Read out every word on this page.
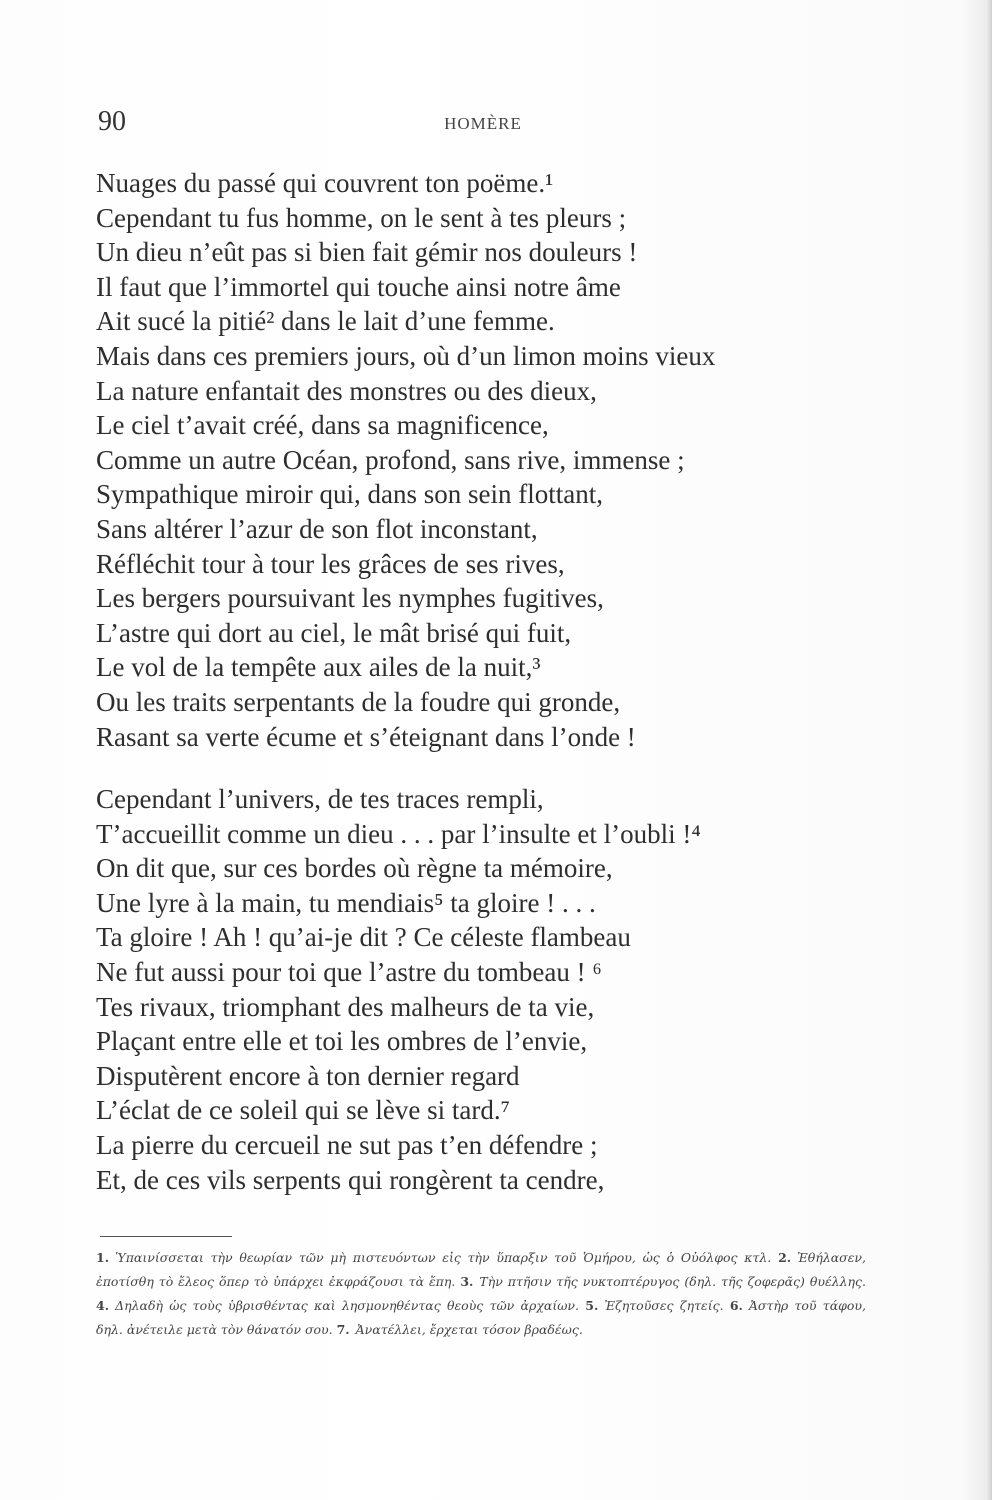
90	HOMÈRE
Nuages du passé qui couvrent ton poëme.¹
Cependant tu fus homme, on le sent à tes pleurs ;
Un dieu n’eût pas si bien fait gémir nos douleurs !
Il faut que l’immortel qui touche ainsi notre âme
Ait sucé la pitié² dans le lait d’une femme.
Mais dans ces premiers jours, où d’un limon moins vieux
La nature enfantait des monstres ou des dieux,
Le ciel t’avait créé, dans sa magnificence,
Comme un autre Océan, profond, sans rive, immense ;
Sympathique miroir qui, dans son sein flottant,
Sans altérer l’azur de son flot inconstant,
Réfléchit tour à tour les grâces de ses rives,
Les bergers poursuivant les nymphes fugitives,
L’astre qui dort au ciel, le mât brisé qui fuit,
Le vol de la tempête aux ailes de la nuit,³
Ou les traits serpentants de la foudre qui gronde,
Rasant sa verte écume et s’éteignant dans l’onde !
Cependant l’univers, de tes traces rempli,
T’accueillit comme un dieu . . . par l’insulte et l’oubli !⁴
On dit que, sur ces bordes où règne ta mémoire,
Une lyre à la main, tu mendiais⁵ ta gloire ! . . .
Ta gloire ! Ah ! qu’ai-je dit ? Ce céleste flambeau
Ne fut aussi pour toi que l’astre du tombeau ! ⁶
Tes rivaux, triomphant des malheurs de ta vie,
Plaçant entre elle et toi les ombres de l’envie,
Disputèrent encore à ton dernier regard
L’éclat de ce soleil qui se lève si tard.⁷
La pierre du cercueil ne sut pas t’en défendre ;
Et, de ces vils serpents qui rongèrent ta cendre,
1. Ὑπαινίσσεται τὴν θεωρίαν τῶν μὴ πιστευόντων εἰς τὴν ὕπαρξιν τοῦ Ὁμήρου, ὡς ὁ Οὐόλφος κτλ. 2. Ἐθήλασεν, ἐποτίσθη τὸ ἔλεος ὅπερ τὸ ὑπάρχει ἐκφράζουσι τὰ ἔπη. 3. Τὴν πτῆσιν τῆς νυκτοπτέρυγος (δηλ. τῆς ζοφερᾶς) θυέλλης. 4. Δηλαδὴ ὡς τοὺς ὑβρισθέντας καὶ λησμονηθέντας θεοὺς τῶν ἀρχαίων. 5. Ἐζητοῦσες ζητείς. 6. Ἀστὴρ τοῦ τάφου, δηλ. ἀνέτειλε μετὰ τὸν θάνατόν σου. 7. Ἀνατέλλει, ἔρχεται τόσον βραδέως.
